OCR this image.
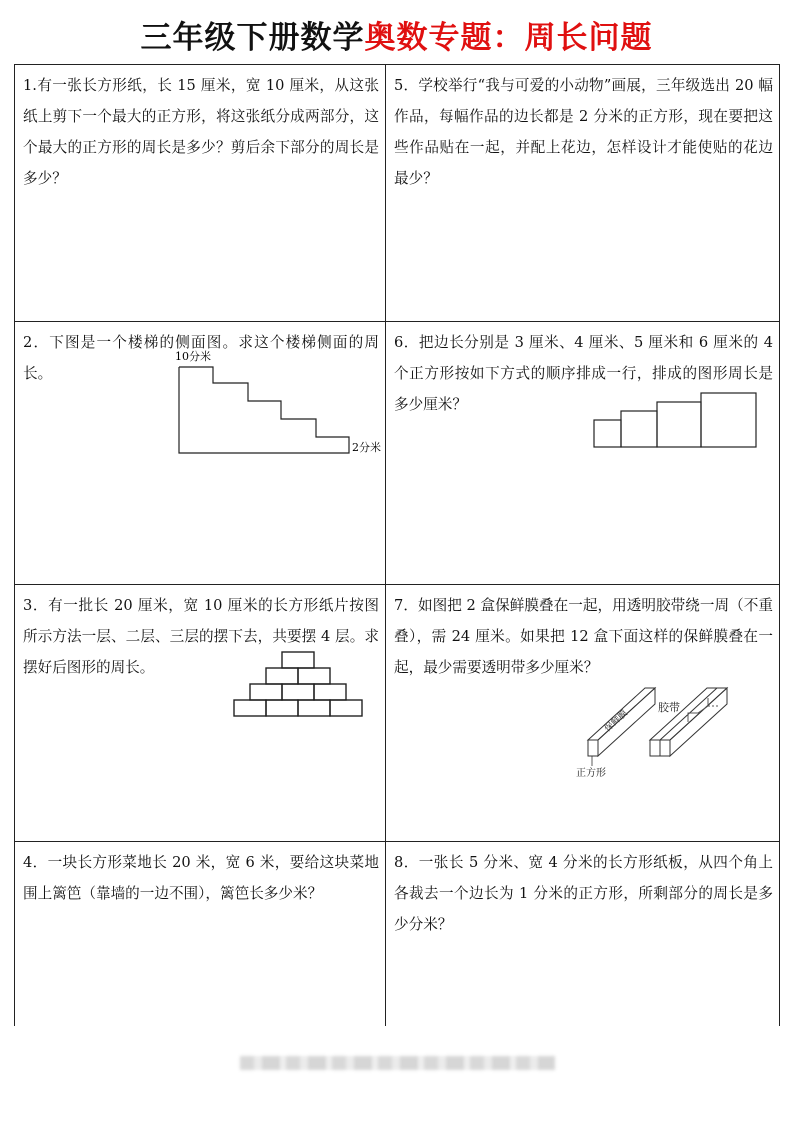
三年级下册数学奥数专题：周长问题

1.有一张长方形纸，长 15 厘米，宽 10 厘米，从这张纸上剪下一个最大的正方形，将这张纸分成两部分，这个最大的正方形的周长是多少？剪后余下部分的周长是多少？

5．学校举行“我与可爱的小动物”画展，三年级选出 20 幅作品，每幅作品的边长都是 2 分米的正方形，现在要把这些作品贴在一起，并配上花边，怎样设计才能使贴的花边最少？

2．下图是一个楼梯的侧面图。求这个楼梯侧面的周长。

10分米
2分米

6．把边长分别是 3 厘米、4 厘米、5 厘米和 6 厘米的 4 个正方形按如下方式的顺序排成一行，排成的图形周长是多少厘米？

3．有一批长 20 厘米，宽 10 厘米的长方形纸片按图所示方法一层、二层、三层的摆下去，共要摆 4 层。求摆好后图形的周长。

7．如图把 2 盒保鲜膜叠在一起，用透明胶带绕一周（不重叠），需 24 厘米。如果把 12 盒下面这样的保鲜膜叠在一起，最少需要透明带多少厘米？

保鲜膜
胶带
正方形

4．一块长方形菜地长 20 米，宽 6 米，要给这块菜地围上篱笆（靠墙的一边不围），篱笆长多少米？

8．一张长 5 分米、宽 4 分米的长方形纸板，从四个角上各裁去一个边长为 1 分米的正方形，所剩部分的周长是多少分米？
